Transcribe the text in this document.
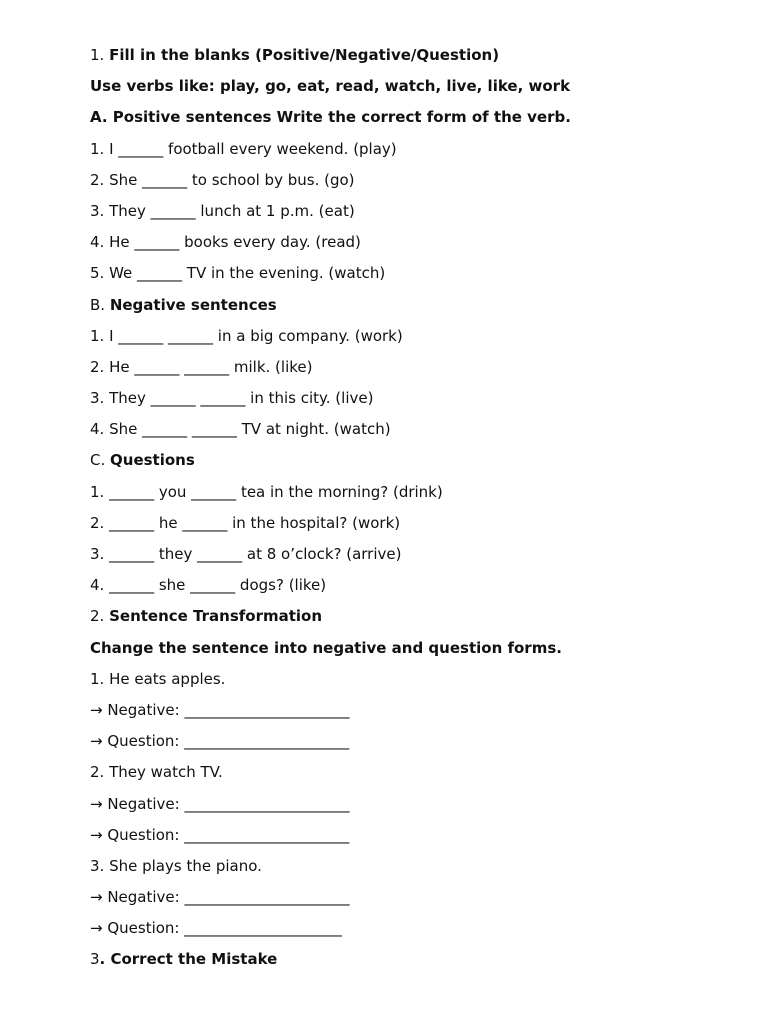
1. Fill in the blanks (Positive/Negative/Question)
Use verbs like: play, go, eat, read, watch, live, like, work
A. Positive sentences Write the correct form of the verb.
1. I ______ football every weekend. (play)
2. She ______ to school by bus. (go)
3. They ______ lunch at 1 p.m. (eat)
4. He ______ books every day. (read)
5. We ______ TV in the evening. (watch)
B. Negative sentences
1. I ______ ______ in a big company. (work)
2. He ______ ______ milk. (like)
3. They ______ ______ in this city. (live)
4. She ______ ______ TV at night. (watch)
C. Questions
1. ______ you ______ tea in the morning? (drink)
2. ______ he ______ in the hospital? (work)
3. ______ they ______ at 8 o’clock? (arrive)
4. ______ she ______ dogs? (like)
2. Sentence Transformation
Change the sentence into negative and question forms.
1. He eats apples.
→ Negative: ______________________
→ Question: ______________________
2. They watch TV.
→ Negative: ______________________
→ Question: ______________________
3. She plays the piano.
→ Negative: ______________________
→ Question: _____________________
3. Correct the Mistake
